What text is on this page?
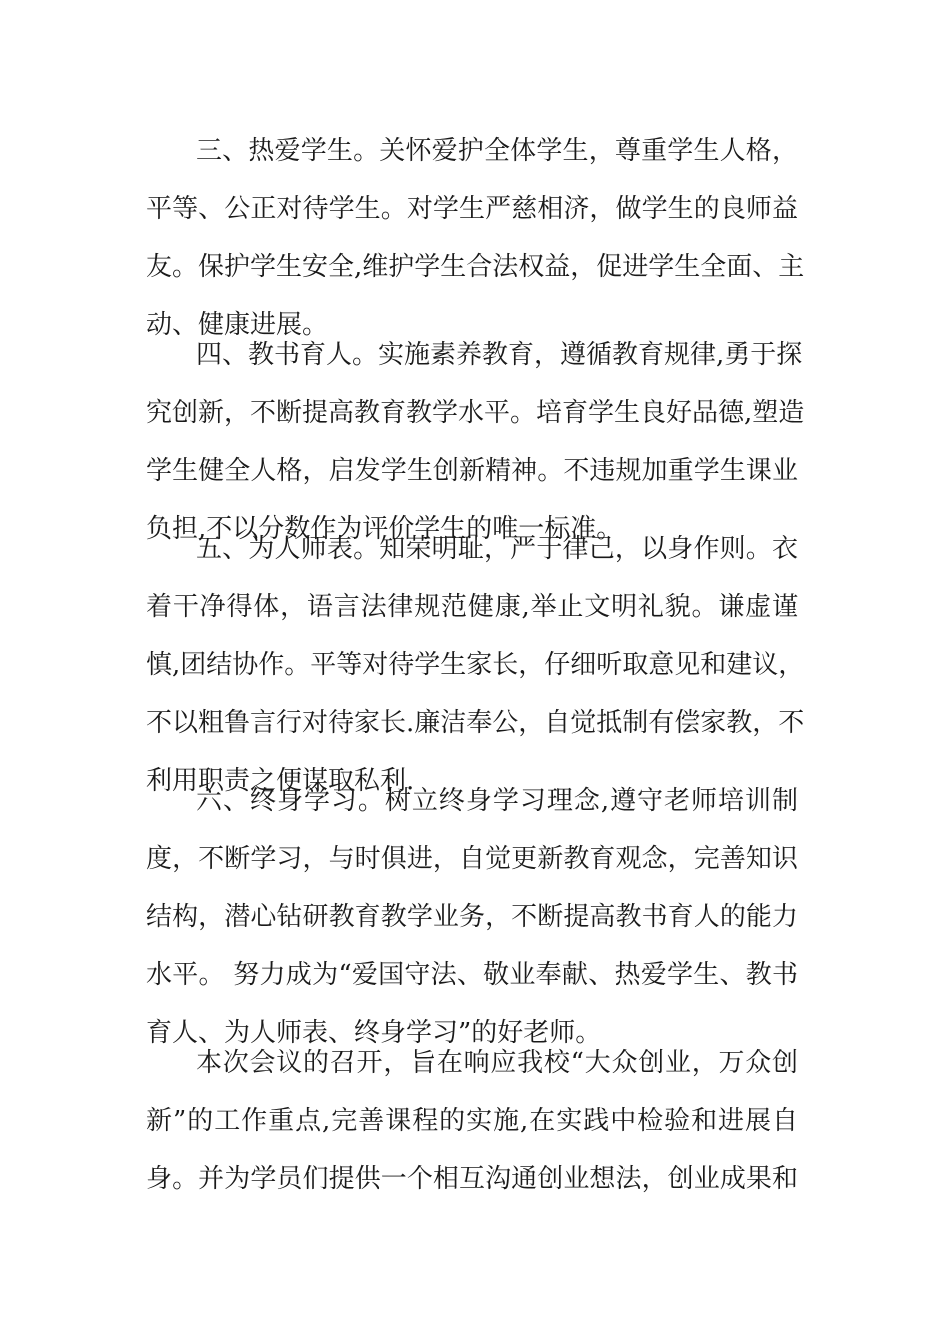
三、热爱学生。关怀爱护全体学生，尊重学生人格，
平等、公正对待学生。对学生严慈相济，做学生的良师益
友。保护学生安全,维护学生合法权益，促进学生全面、主
动、健康进展。
四、教书育人。实施素养教育，遵循教育规律,勇于探
究创新，不断提高教育教学水平。培育学生良好品德,塑造
学生健全人格，启发学生创新精神。不违规加重学生课业
负担,不以分数作为评价学生的唯一标准。
五、为人师表。知荣明耻，严于律己，以身作则。衣
着干净得体，语言法律规范健康,举止文明礼貌。谦虚谨
慎,团结协作。平等对待学生家长，仔细听取意见和建议，
不以粗鲁言行对待家长.廉洁奉公，自觉抵制有偿家教，不
利用职责之便谋取私利.
六、终身学习。树立终身学习理念,遵守老师培训制
度，不断学习，与时俱进，自觉更新教育观念，完善知识
结构，潜心钻研教育教学业务，不断提高教书育人的能力
水平。 努力成为“爱国守法、敬业奉献、热爱学生、教书
育人、为人师表、终身学习”的好老师。
本次会议的召开，旨在响应我校“大众创业，万众创
新”的工作重点,完善课程的实施,在实践中检验和进展自
身。并为学员们提供一个相互沟通创业想法，创业成果和
